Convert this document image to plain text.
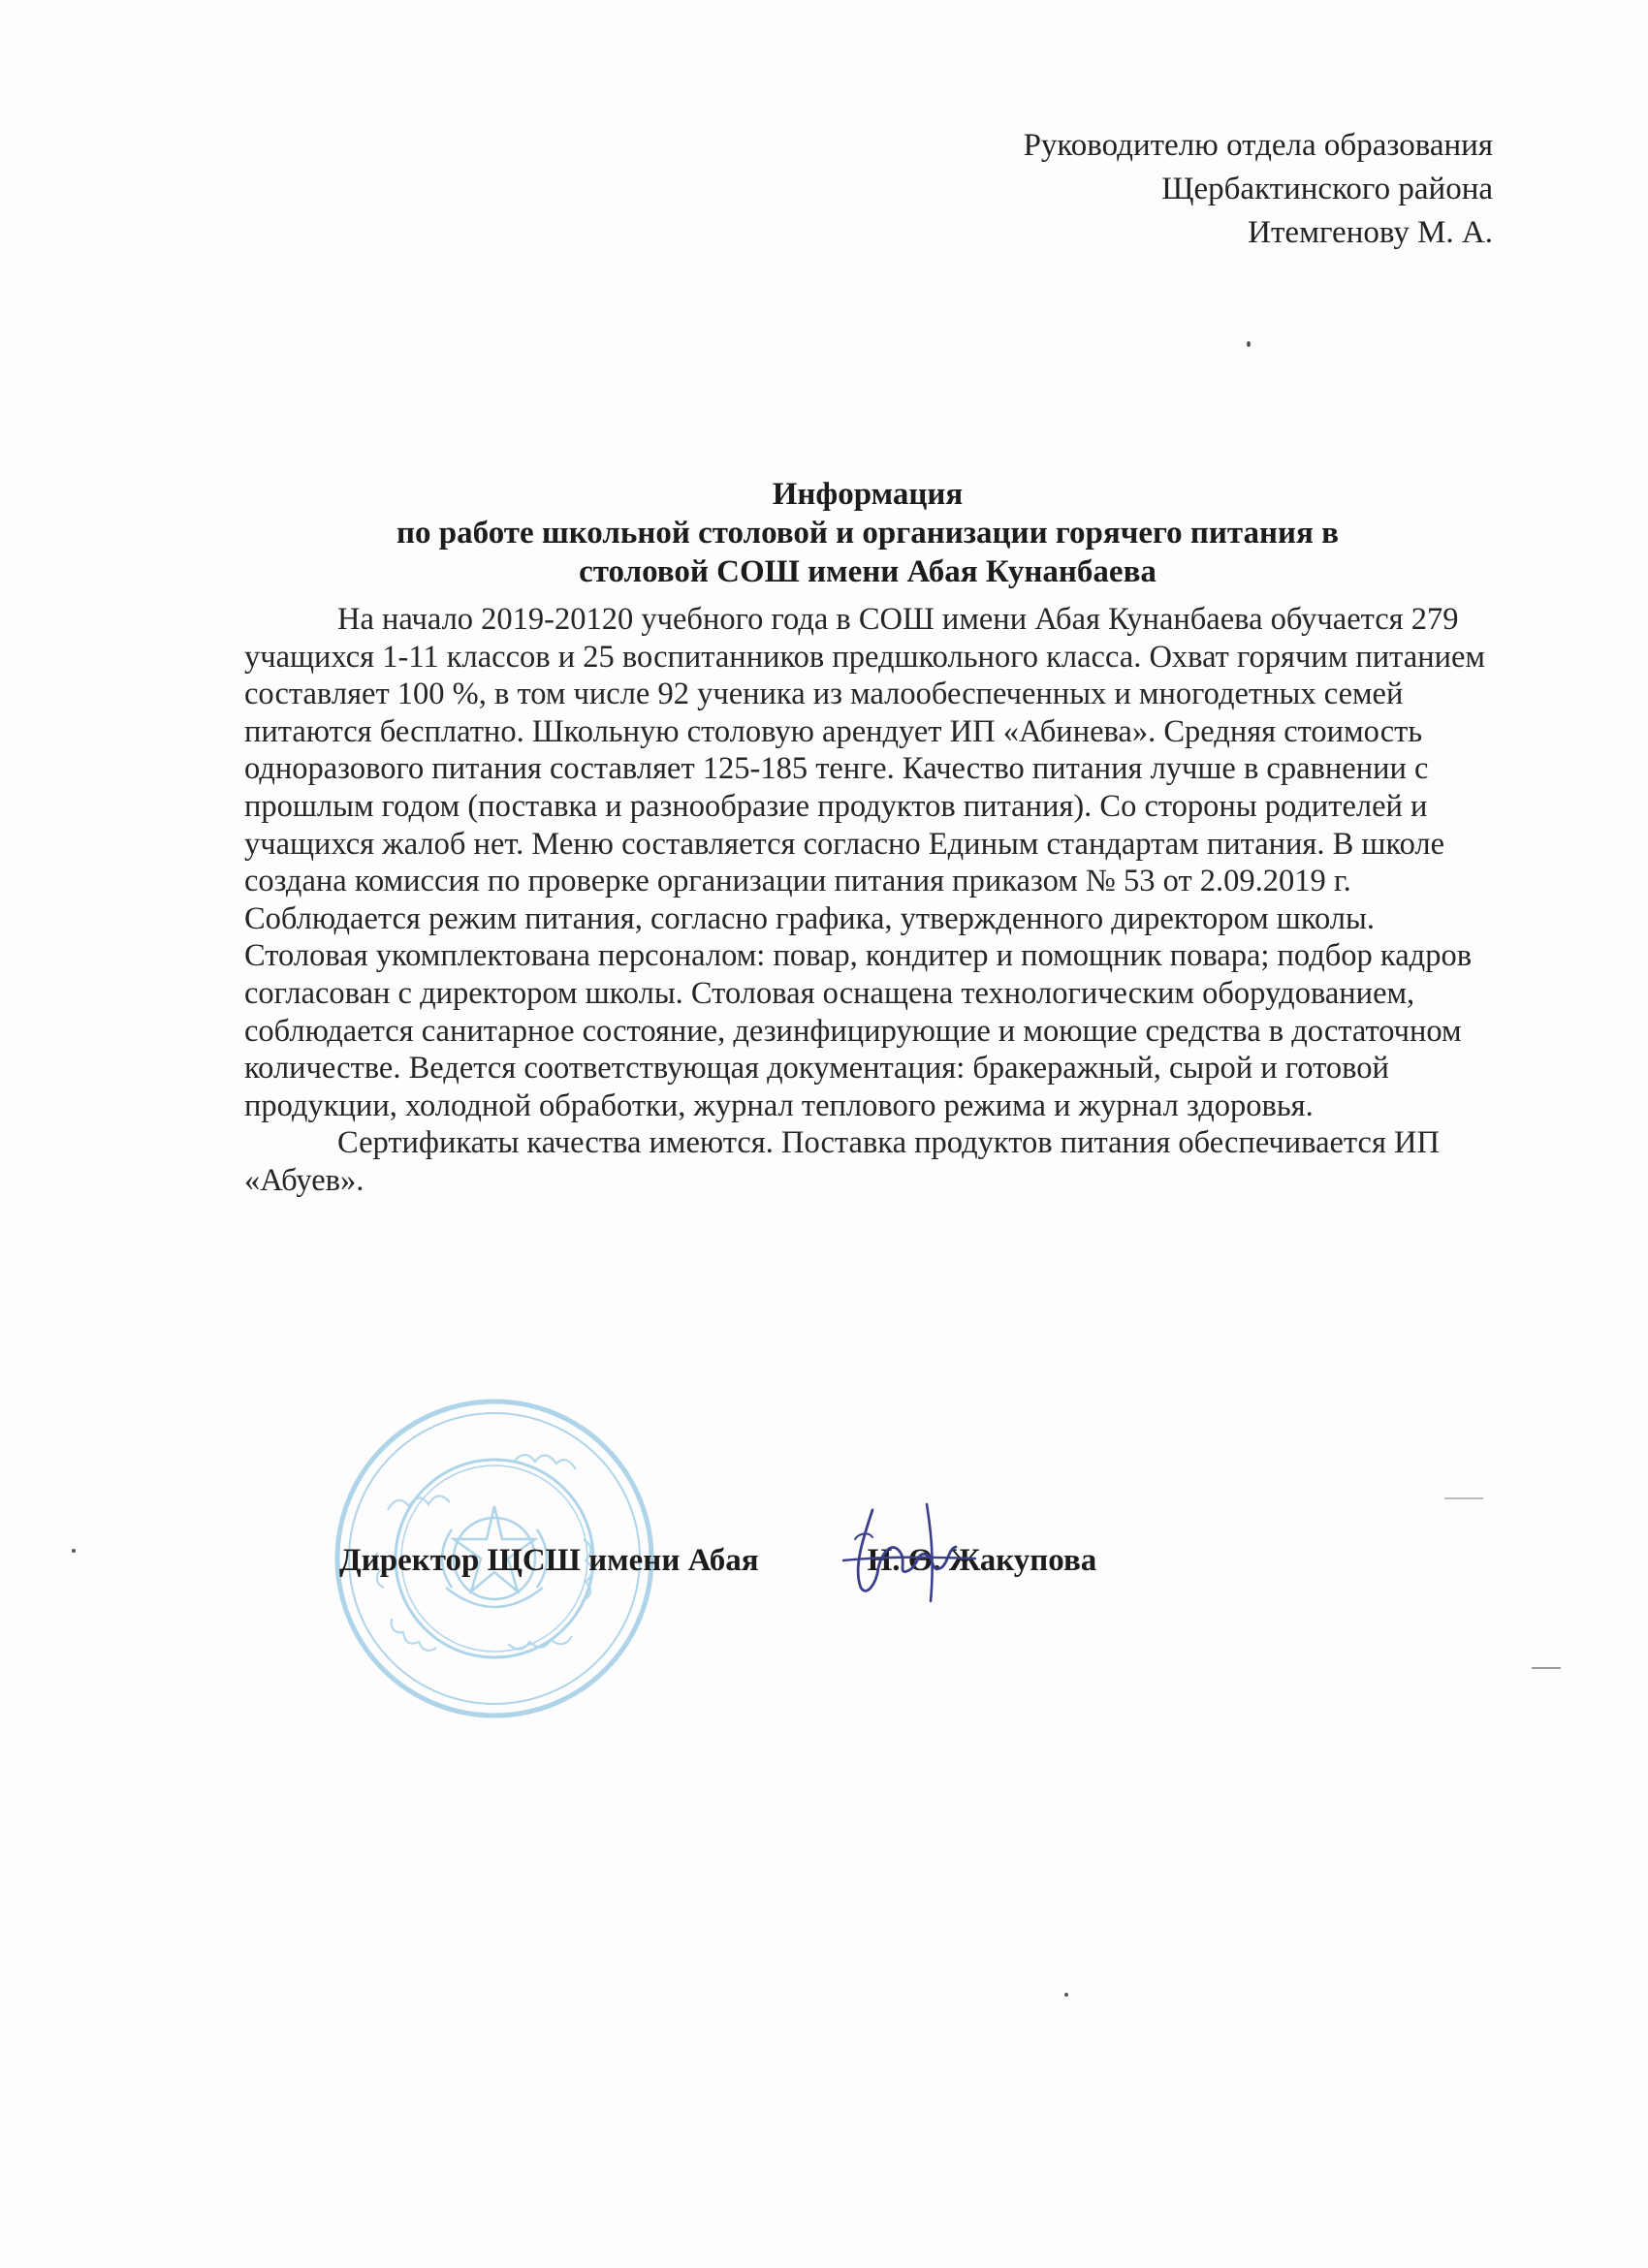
Руководителю отдела образования
Щербактинского района
Итемгенову М. А.
Информация
по работе школьной столовой и организации горячего питания в
столовой СОШ имени Абая Кунанбаева

На начало 2019-20120 учебного года в СОШ имени Абая Кунанбаева обучается 279 учащихся 1-11 классов и 25 воспитанников предшкольного класса. Охват горячим питанием составляет 100 %, в том числе 92 ученика из малообеспеченных и многодетных семей питаются бесплатно. Школьную столовую арендует ИП «Абинева». Средняя стоимость одноразового питания составляет 125-185 тенге. Качество питания лучше в сравнении с прошлым годом (поставка и разнообразие продуктов питания). Со стороны родителей и учащихся жалоб нет. Меню составляется согласно Единым стандартам питания. В школе создана комиссия по проверке организации питания приказом № 53 от 2.09.2019 г. Соблюдается режим питания, согласно графика, утвержденного директором школы. Столовая укомплектована персоналом: повар, кондитер и помощник повара; подбор кадров согласован с директором школы. Столовая оснащена технологическим оборудованием, соблюдается санитарное состояние, дезинфицирующие и моющие средства в достаточном количестве. Ведется соответствующая документация: бракеражный, сырой и готовой продукции, холодной обработки, журнал теплового режима и журнал здоровья.

Сертификаты качества имеются. Поставка продуктов питания обеспечивается ИП «Абуев».

Директор ЩСШ имени Абая	Н. Ө. Жакупова
